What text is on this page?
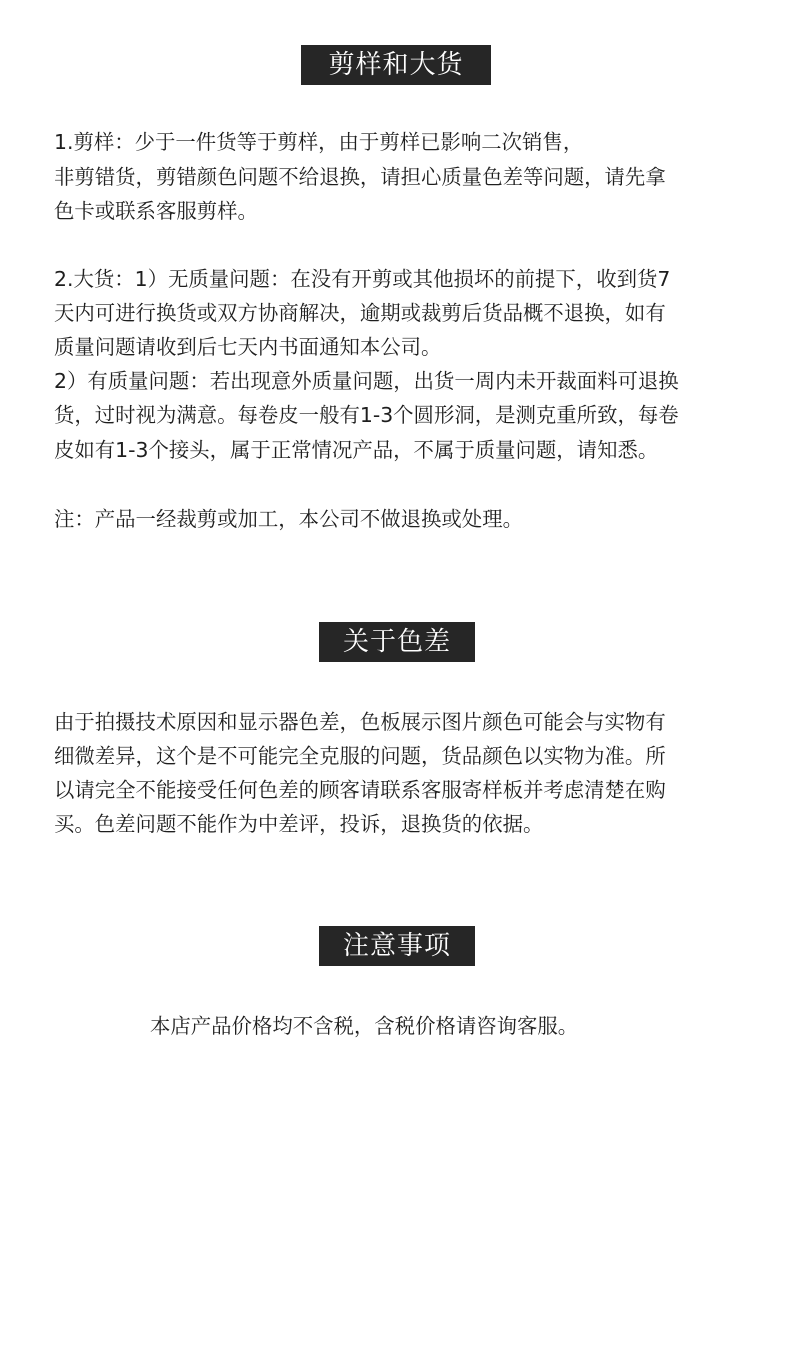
剪样和大货
1.剪样：少于一件货等于剪样，由于剪样已影响二次销售，
非剪错货，剪错颜色问题不给退换，请担心质量色差等问题，请先拿
色卡或联系客服剪样。
2.大货：1）无质量问题：在没有开剪或其他损坏的前提下，收到货7
天内可进行换货或双方协商解决，逾期或裁剪后货品概不退换，如有
质量问题请收到后七天内书面通知本公司。
2）有质量问题：若出现意外质量问题，出货一周内未开裁面料可退换
货，过时视为满意。每卷皮一般有1-3个圆形洞，是测克重所致，每卷
皮如有1-3个接头，属于正常情况产品，不属于质量问题，请知悉。
注：产品一经裁剪或加工，本公司不做退换或处理。
关于色差
由于拍摄技术原因和显示器色差，色板展示图片颜色可能会与实物有
细微差异，这个是不可能完全克服的问题，货品颜色以实物为准。所
以请完全不能接受任何色差的顾客请联系客服寄样板并考虑清楚在购
买。色差问题不能作为中差评，投诉，退换货的依据。
注意事项
本店产品价格均不含税，含税价格请咨询客服。
